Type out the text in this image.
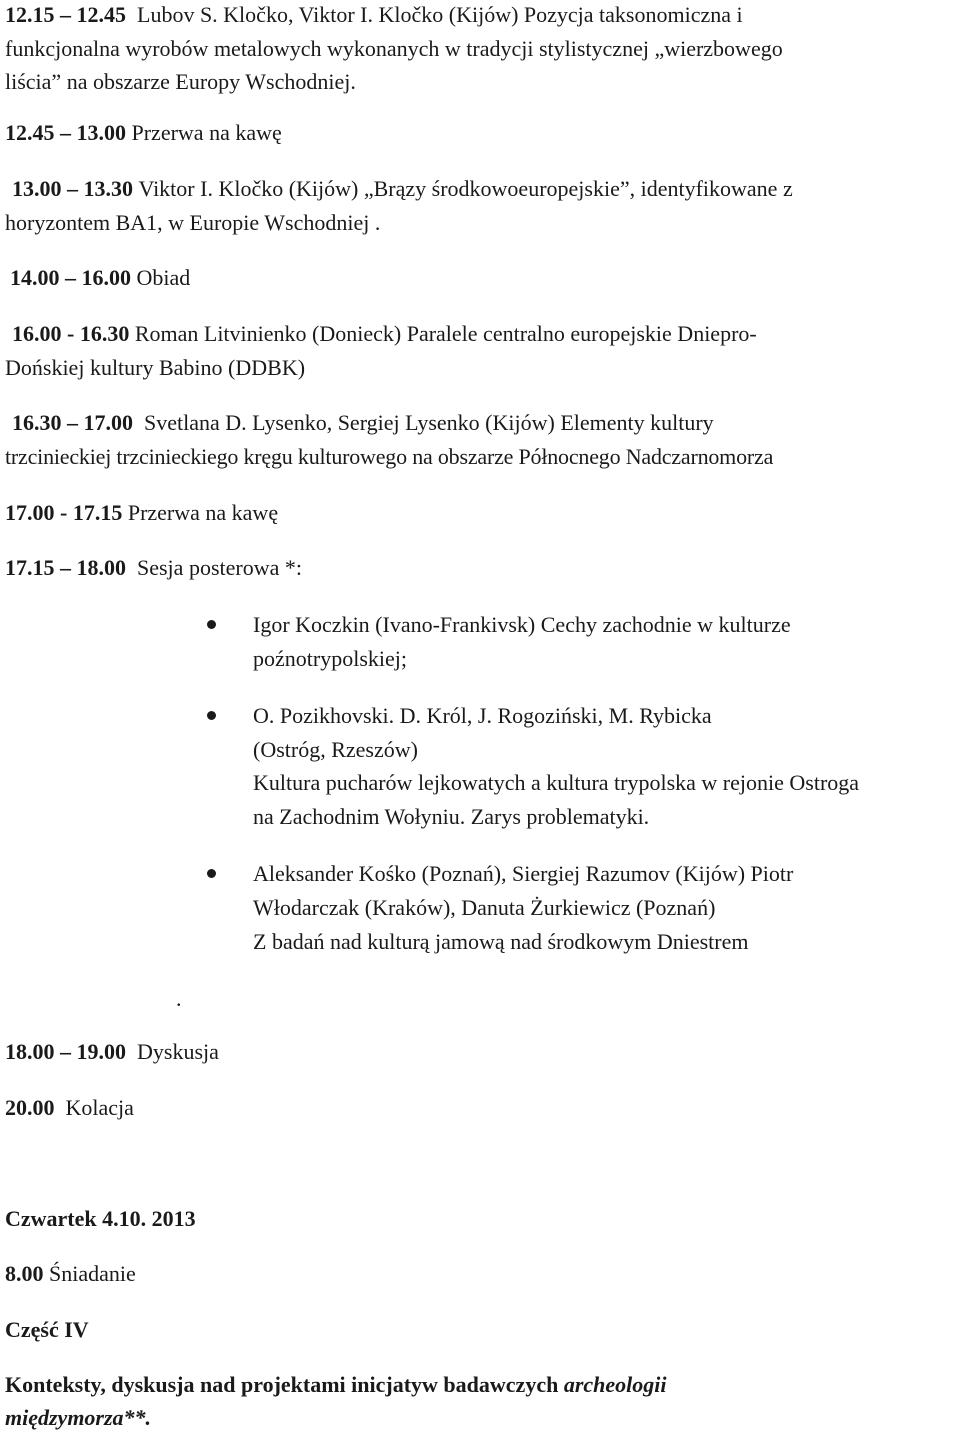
12.15 – 12.45 Lubov S. Kločko, Viktor I. Kločko (Kijów) Pozycja taksonomiczna i
funkcjonalna wyrobów metalowych wykonanych w tradycji stylistycznej „wierzbowego
liścia” na obszarze Europy Wschodniej.
12.45 – 13.00 Przerwa na kawę
13.00 – 13.30 Viktor I. Kločko (Kijów) „Brązy środkowoeuropejskie”, identyfikowane z
horyzontem BA1, w Europie Wschodniej .
14.00 – 16.00 Obiad
16.00 - 16.30 Roman Litvinienko (Donieck) Paralele centralno europejskie Dniepro-
Dońskiej kultury Babino (DDBK)
16.30 – 17.00 Svetlana D. Lysenko, Sergiej Lysenko (Kijów) Elementy kultury
trzcinieckiej trzcinieckiego kręgu kulturowego na obszarze Północnego Nadczarnomorza
17.00 - 17.15 Przerwa na kawę
17.15 – 18.00 Sesja posterowa *:
Igor Koczkin (Ivano-Frankivsk) Cechy zachodnie w kulturze
poźnotrypolskiej;
O. Pozikhovski. D. Król, J. Rogoziński, M. Rybicka
(Ostróg, Rzeszów)
Kultura pucharów lejkowatych a kultura trypolska w rejonie Ostroga
na Zachodnim Wołyniu. Zarys problematyki.
Aleksander Kośko (Poznań), Siergiej Razumov (Kijów) Piotr
Włodarczak (Kraków), Danuta Żurkiewicz (Poznań)
Z badań nad kulturą jamową nad środkowym Dniestrem
.
18.00 – 19.00 Dyskusja
20.00 Kolacja
Czwartek 4.10. 2013
8.00 Śniadanie
Część IV
Konteksty, dyskusja nad projektami inicjatyw badawczych archeologii
międzymorza**.
